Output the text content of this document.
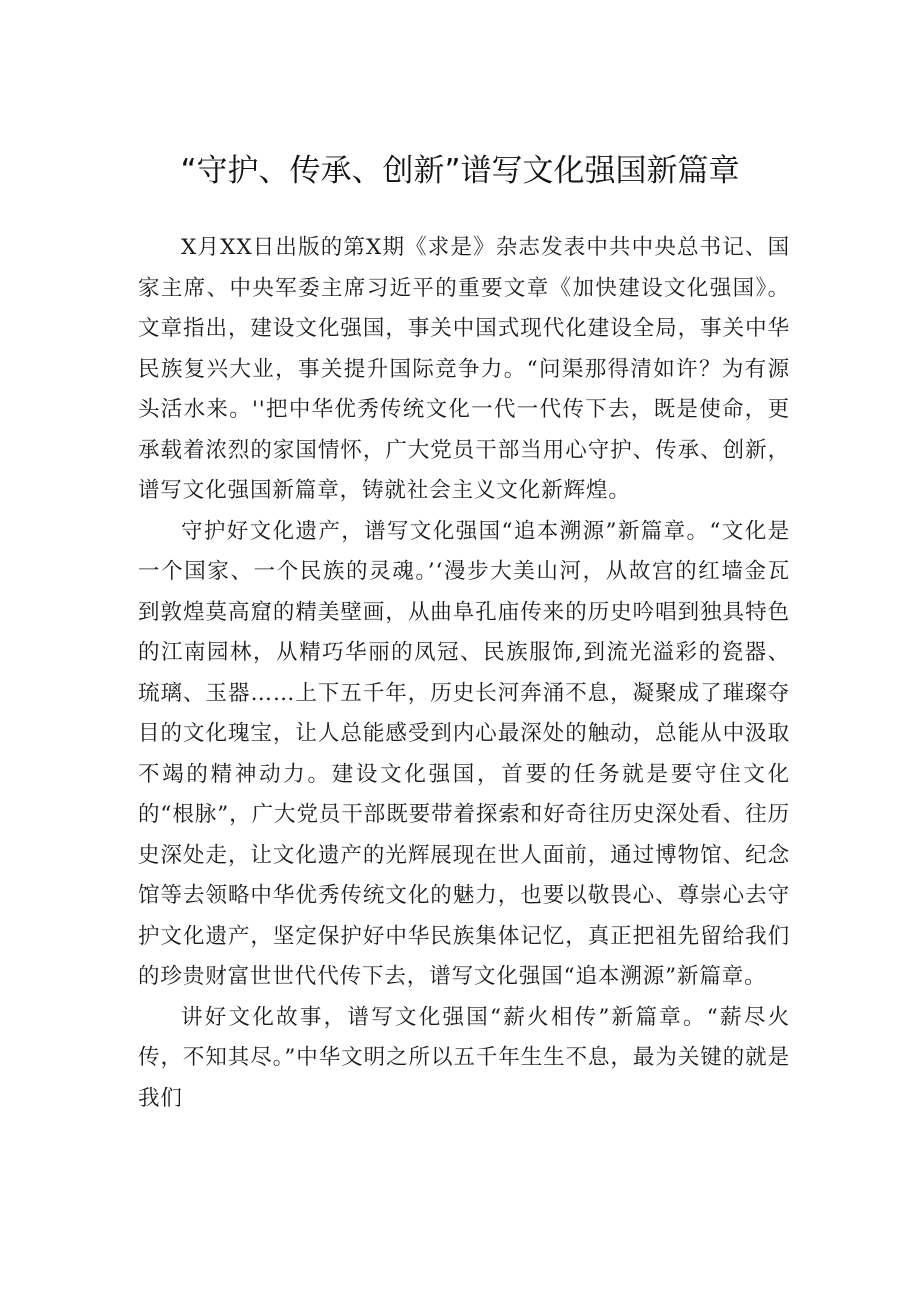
“守护、传承、创新”谱写文化强国新篇章

X月XX日出版的第X期《求是》杂志发表中共中央总书记、国家主席、中央军委主席习近平的重要文章《加快建设文化强国》。文章指出，建设文化强国，事关中国式现代化建设全局，事关中华民族复兴大业，事关提升国际竞争力。“问渠那得清如许？为有源头活水来。''把中华优秀传统文化一代一代传下去，既是使命，更承载着浓烈的家国情怀，广大党员干部当用心守护、传承、创新，谱写文化强国新篇章，铸就社会主义文化新辉煌。

守护好文化遗产，谱写文化强国“追本溯源”新篇章。“文化是一个国家、一个民族的灵魂。’‘漫步大美山河，从故宫的红墙金瓦到敦煌莫高窟的精美壁画，从曲阜孔庙传来的历史吟唱到独具特色的江南园林，从精巧华丽的凤冠、民族服饰,到流光溢彩的瓷器、琉璃、玉器……上下五千年，历史长河奔涌不息，凝聚成了璀璨夺目的文化瑰宝，让人总能感受到内心最深处的触动，总能从中汲取不竭的精神动力。建设文化强国，首要的任务就是要守住文化的“根脉”，广大党员干部既要带着探索和好奇往历史深处看、往历史深处走，让文化遗产的光辉展现在世人面前，通过博物馆、纪念馆等去领略中华优秀传统文化的魅力，也要以敬畏心、尊崇心去守护文化遗产，坚定保护好中华民族集体记忆，真正把祖先留给我们的珍贵财富世世代代传下去，谱写文化强国“追本溯源”新篇章。

讲好文化故事，谱写文化强国“薪火相传”新篇章。“薪尽火传，不知其尽。”中华文明之所以五千年生生不息，最为关键的就是我们
